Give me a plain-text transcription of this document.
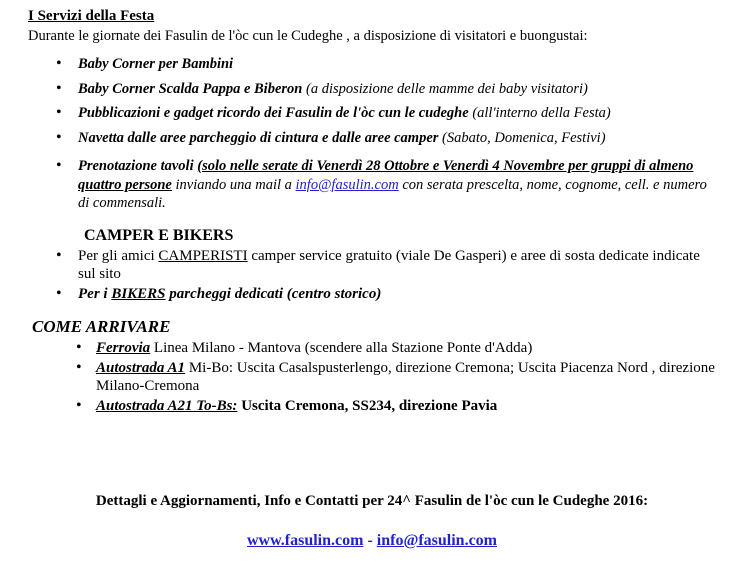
I Servizi della Festa
Durante le giornate dei Fasulin de l'òc cun le Cudeghe , a disposizione di visitatori e buongustai:
• Baby Corner per Bambini
• Baby Corner Scalda Pappa e Biberon (a disposizione delle mamme dei baby visitatori)
• Pubblicazioni e gadget ricordo dei Fasulin de l'òc cun le cudeghe (all'interno della Festa)
• Navetta dalle aree parcheggio di cintura e dalle aree camper (Sabato, Domenica, Festivi)
• Prenotazione tavoli (solo nelle serate di Venerdì 28 Ottobre e Venerdì 4 Novembre per gruppi di almeno quattro persone inviando una mail a info@fasulin.com con serata prescelta, nome, cognome, cell. e numero di commensali.
CAMPER E BIKERS
• Per gli amici CAMPERISTI camper service gratuito (viale De Gasperi) e aree di sosta dedicate indicate sul sito
• Per i BIKERS parcheggi dedicati (centro storico)
COME ARRIVARE
• Ferrovia Linea Milano - Mantova (scendere alla Stazione Ponte d'Adda)
• Autostrada A1 Mi-Bo: Uscita Casalspusterlengo, direzione Cremona; Uscita Piacenza Nord , direzione Milano-Cremona
• Autostrada A21 To-Bs: Uscita Cremona, SS234, direzione Pavia
Dettagli e Aggiornamenti, Info e Contatti per 24^ Fasulin de l'òc cun le Cudeghe 2016:
www.fasulin.com - info@fasulin.com
